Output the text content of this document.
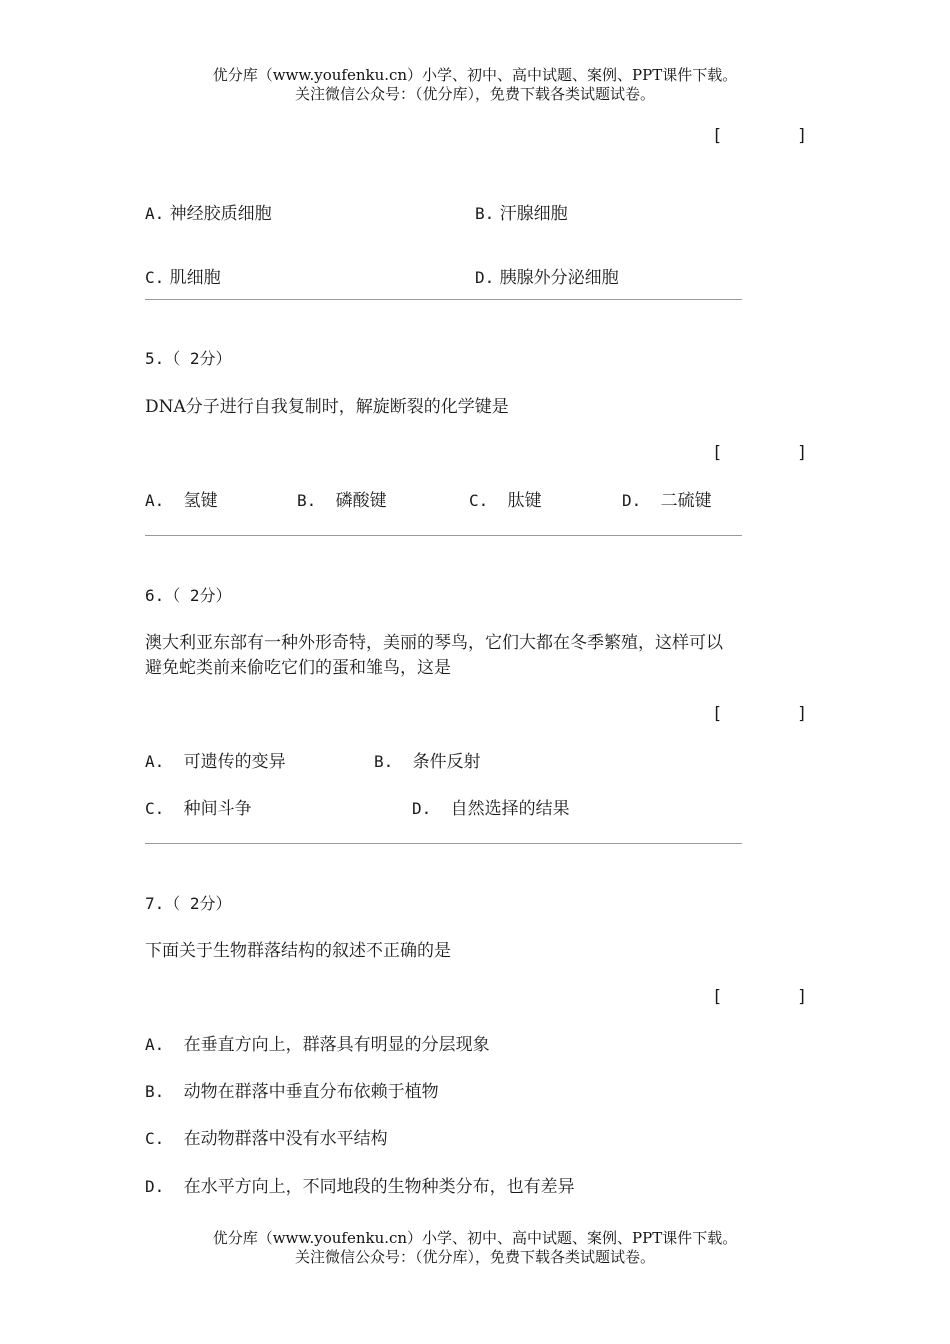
优分库（www.youfenku.cn）小学、初中、高中试题、案例、PPT课件下载。
关注微信公众号：（优分库），免费下载各类试题试卷。
[	]
A. 神经胶质细胞	B. 汗腺细胞
C. 肌细胞	D. 胰腺外分泌细胞
5.（ 2分）
DNA分子进行自我复制时，解旋断裂的化学键是
[	]
A. 氢键	B. 磷酸键	C. 肽键	D. 二硫键
6.（ 2分）
澳大利亚东部有一种外形奇特，美丽的琴鸟，它们大都在冬季繁殖，这样可以
避免蛇类前来偷吃它们的蛋和雏鸟，这是
[	]
A. 可遗传的变异	B. 条件反射
C. 种间斗争	D. 自然选择的结果
7.（ 2分）
下面关于生物群落结构的叙述不正确的是
[	]
A. 在垂直方向上，群落具有明显的分层现象
B. 动物在群落中垂直分布依赖于植物
C. 在动物群落中没有水平结构
D. 在水平方向上，不同地段的生物种类分布，也有差异
优分库（www.youfenku.cn）小学、初中、高中试题、案例、PPT课件下载。
关注微信公众号：（优分库），免费下载各类试题试卷。
